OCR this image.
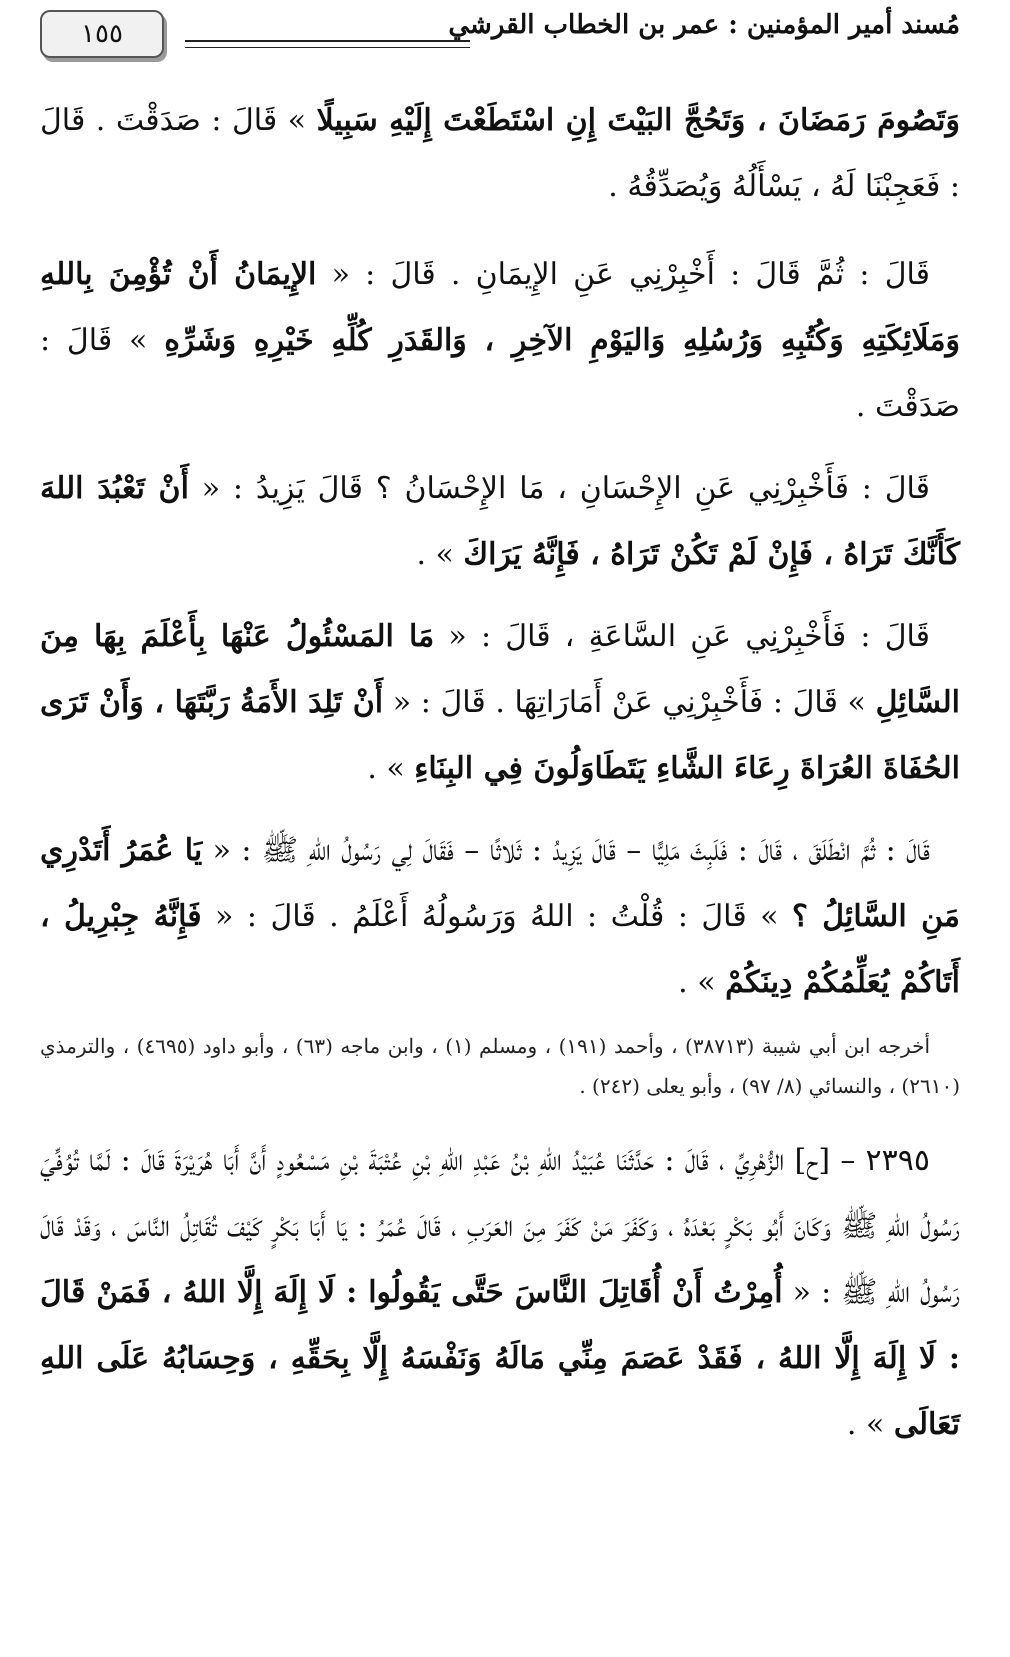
١٥٥	مُسند أمير المؤمنين : عمر بن الخطاب القرشي

وَتَصُومَ رَمَضَانَ ، وَتَحُجَّ البَيْتَ إِنِ اسْتَطَعْتَ إِلَيْهِ سَبِيلًا » قَالَ : صَدَقْتَ . قَالَ : فَعَجِبْنَا لَهُ ، يَسْأَلُهُ وَيُصَدِّقُهُ .

قَالَ : ثُمَّ قَالَ : أَخْبِرْنِي عَنِ الإِيمَانِ . قَالَ : « الإِيمَانُ أَنْ تُؤْمِنَ بِاللهِ وَمَلَائِكَتِهِ وَكُتُبِهِ وَرُسُلِهِ وَاليَوْمِ الآخِرِ ، وَالقَدَرِ كُلِّهِ خَيْرِهِ وَشَرِّهِ » قَالَ : صَدَقْتَ .

قَالَ : فَأَخْبِرْنِي عَنِ الإِحْسَانِ ، مَا الإِحْسَانُ ؟ قَالَ يَزِيدُ : « أَنْ تَعْبُدَ اللهَ كَأَنَّكَ تَرَاهُ ، فَإِنْ لَمْ تَكُنْ تَرَاهُ ، فَإِنَّهُ يَرَاكَ » .

قَالَ : فَأَخْبِرْنِي عَنِ السَّاعَةِ ، قَالَ : « مَا المَسْئُولُ عَنْهَا بِأَعْلَمَ بِهَا مِنَ السَّائِلِ » قَالَ : فَأَخْبِرْنِي عَنْ أَمَارَاتِهَا . قَالَ : « أَنْ تَلِدَ الأَمَةُ رَبَّتَهَا ، وَأَنْ تَرَى الحُفَاةَ العُرَاةَ رِعَاءَ الشَّاءِ يَتَطَاوَلُونَ فِي البِنَاءِ » .

قَالَ : ثُمَّ انْطَلَقَ ، قَالَ : فَلَبِثَ مَلِيًّا – قَالَ يَزِيدُ : ثَلاثًا – فَقَالَ لِي رَسُولُ اللهِ ﷺ : « يَا عُمَرُ أَتَدْرِي مَنِ السَّائِلُ ؟ » قَالَ : قُلْتُ : اللهُ وَرَسُولُهُ أَعْلَمُ . قَالَ : « فَإِنَّهُ جِبْرِيلُ ، أَتَاكُمْ يُعَلِّمُكُمْ دِينَكُمْ » .

أخرجه ابن أبي شيبة (٣٨٧١٣) ، وأحمد (١٩١) ، ومسلم (١) ، وابن ماجه (٦٣) ، وأبو داود (٤٦٩٥) ، والترمذي (٢٦١٠) ، والنسائي (٨/ ٩٧) ، وأبو يعلى (٢٤٢) .

٢٣٩٥ – [ح] الزُّهْرِيِّ ، قَالَ : حَدَّثَنَا عُبَيْدُ اللهِ بْنُ عَبْدِ اللهِ بْنِ عُتْبَةَ بْنِ مَسْعُودٍ أَنَّ أَبَا هُرَيْرَةَ قَالَ : لَمَّا تُوُفِّيَ رَسُولُ اللهِ ﷺ وَكَانَ أَبُو بَكْرٍ بَعْدَهُ ، وَكَفَرَ مَنْ كَفَرَ مِنَ العَرَبِ ، قَالَ عُمَرُ : يَا أَبَا بَكْرٍ كَيْفَ تُقَاتِلُ النَّاسَ ، وَقَدْ قَالَ رَسُولُ اللهِ ﷺ : « أُمِرْتُ أَنْ أُقَاتِلَ النَّاسَ حَتَّى يَقُولُوا : لَا إِلَهَ إِلَّا اللهُ ، فَمَنْ قَالَ : لَا إِلَهَ إِلَّا اللهُ ، فَقَدْ عَصَمَ مِنِّي مَالَهُ وَنَفْسَهُ إِلَّا بِحَقِّهِ ، وَحِسَابُهُ عَلَى اللهِ تَعَالَى » .
